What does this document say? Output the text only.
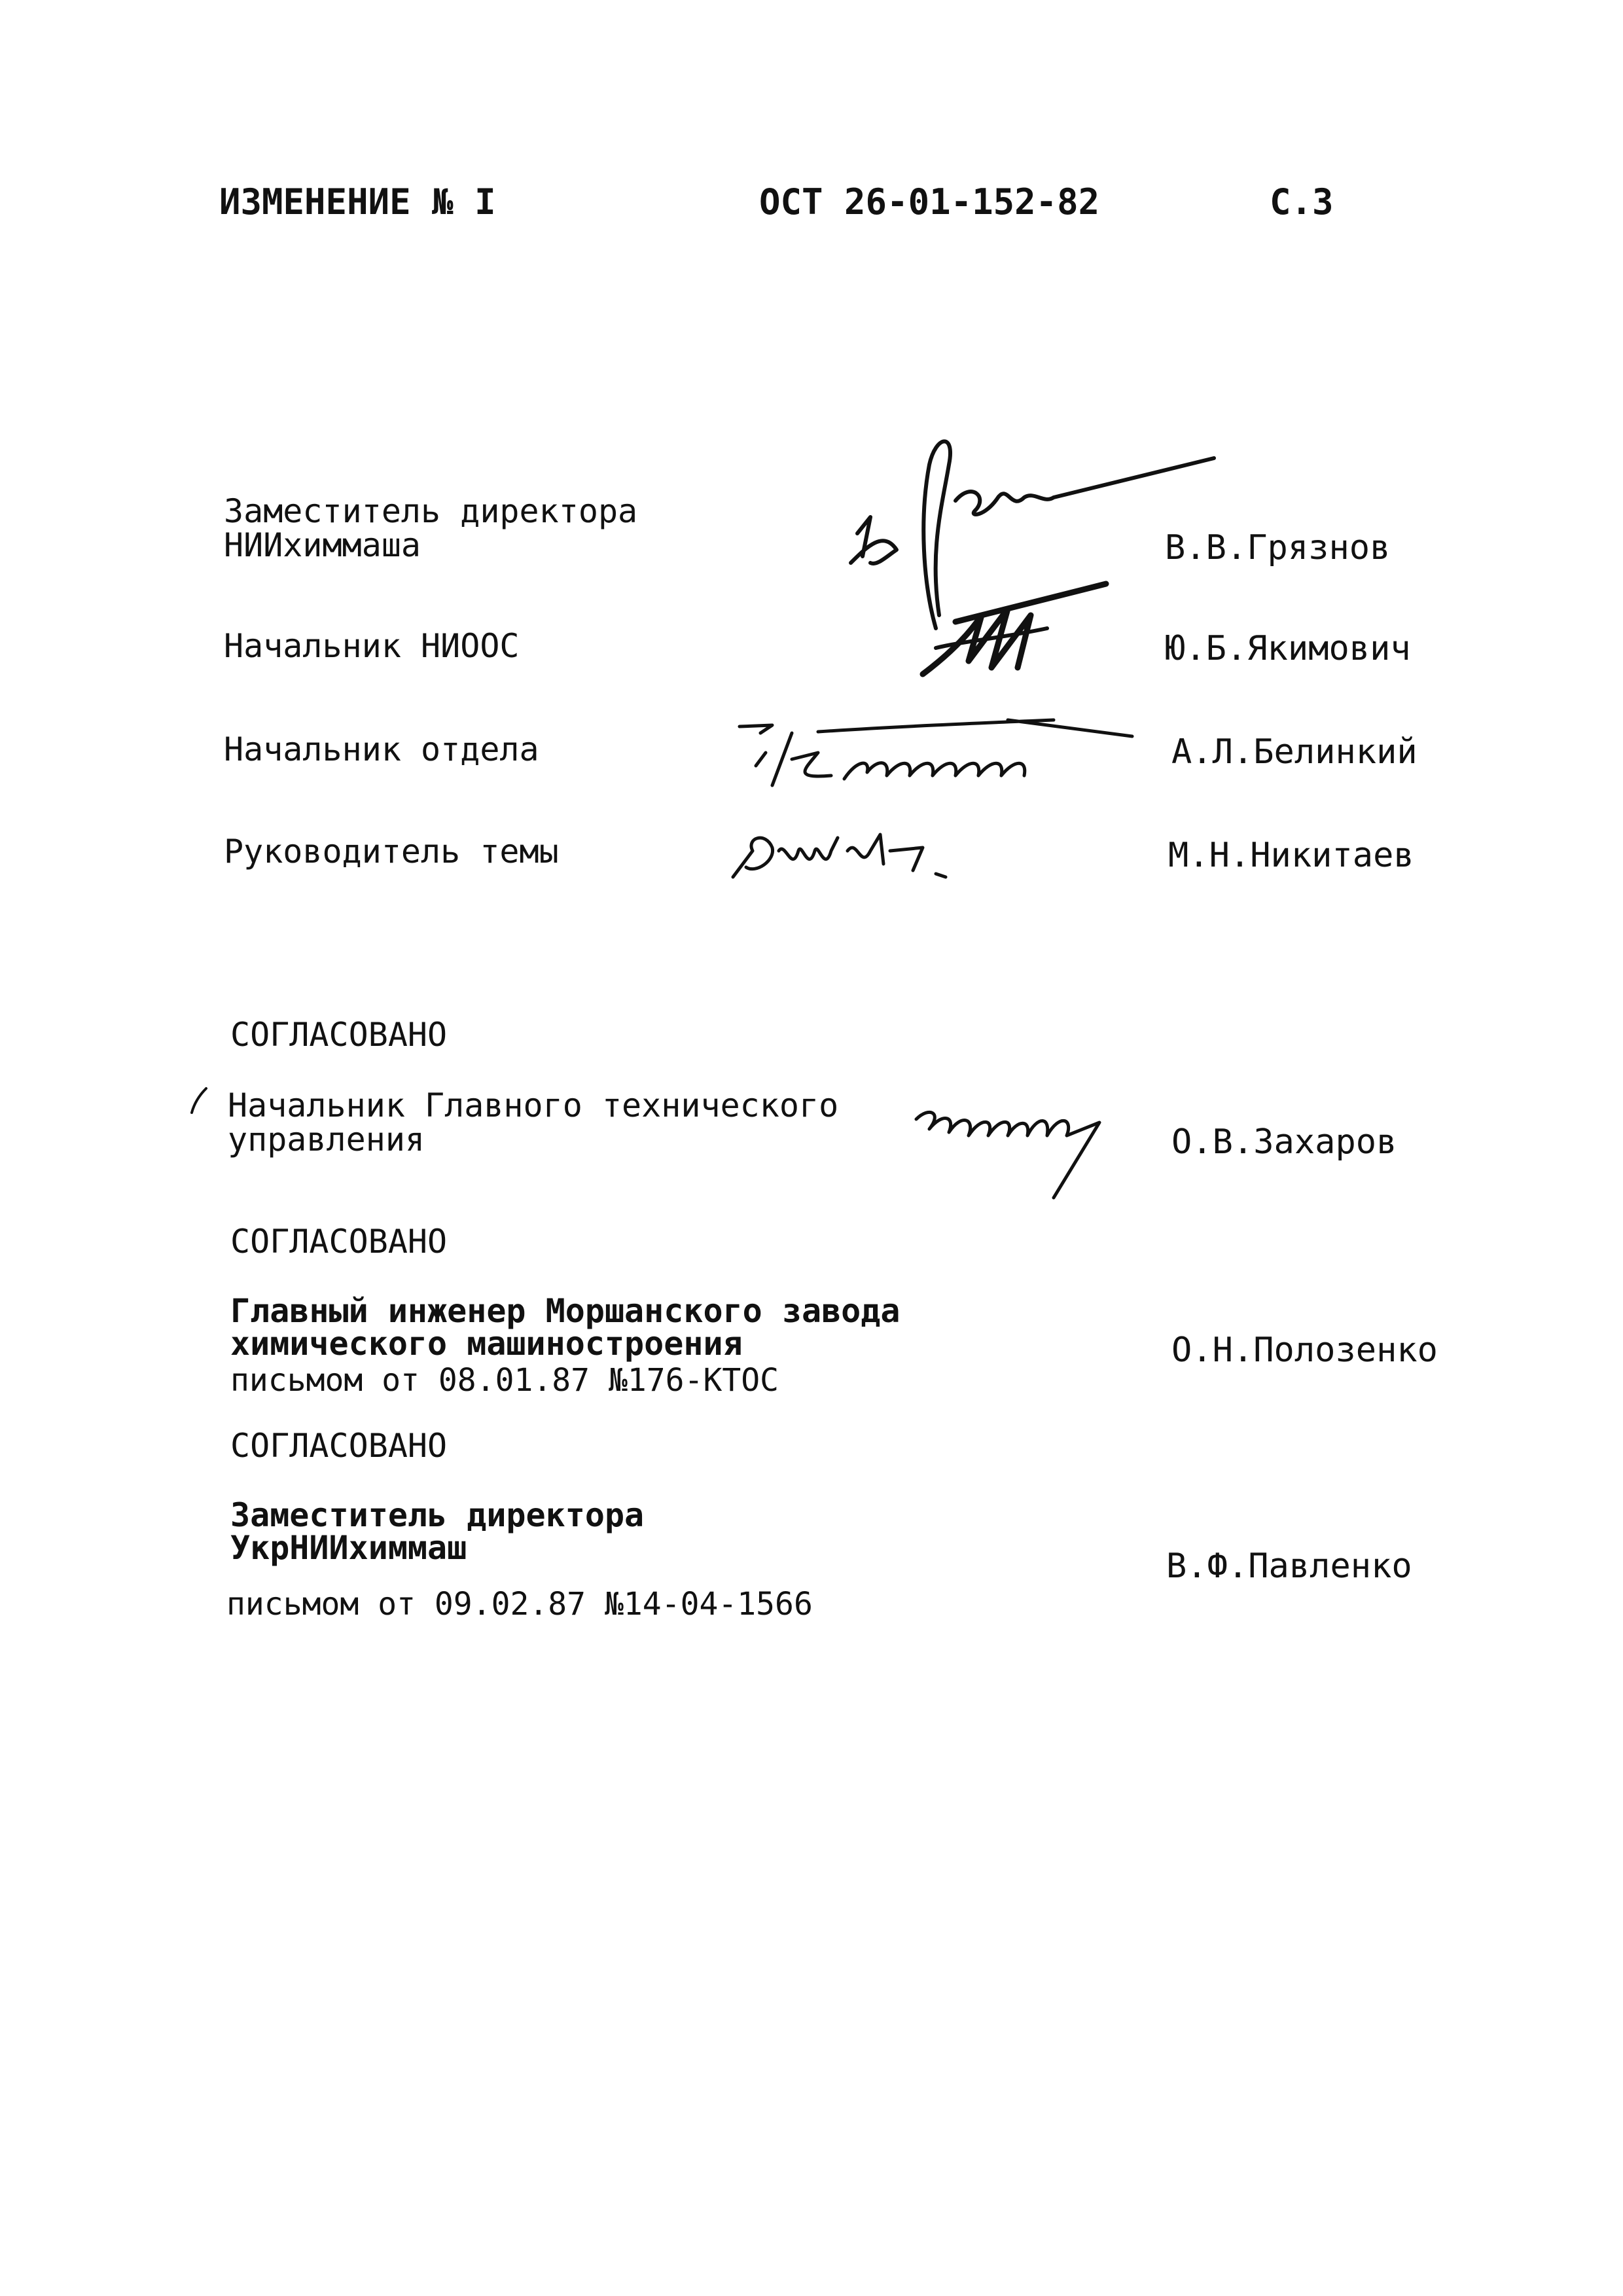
ИЗМЕНЕНИЕ № I	ОСТ 26-01-152-82	С.3
Заместитель директора
НИИхиммаша	В.В.Грязнов
Начальник НИООС	Ю.Б.Якимович
Начальник отдела	А.Л.Белинкий
Руководитель темы	М.Н.Никитаев
СОГЛАСОВАНО
Начальник Главного технического
управления	О.В.Захаров
СОГЛАСОВАНО
Главный инженер Моршанского завода
химического машиностроения
письмом от 08.01.87 №176-КТОС
О.Н.Полозенко
СОГЛАСОВАНО
Заместитель директора
УкрНИИхиммаш
письмом от 09.02.87 №14-04-1566
В.Ф.Павленко
